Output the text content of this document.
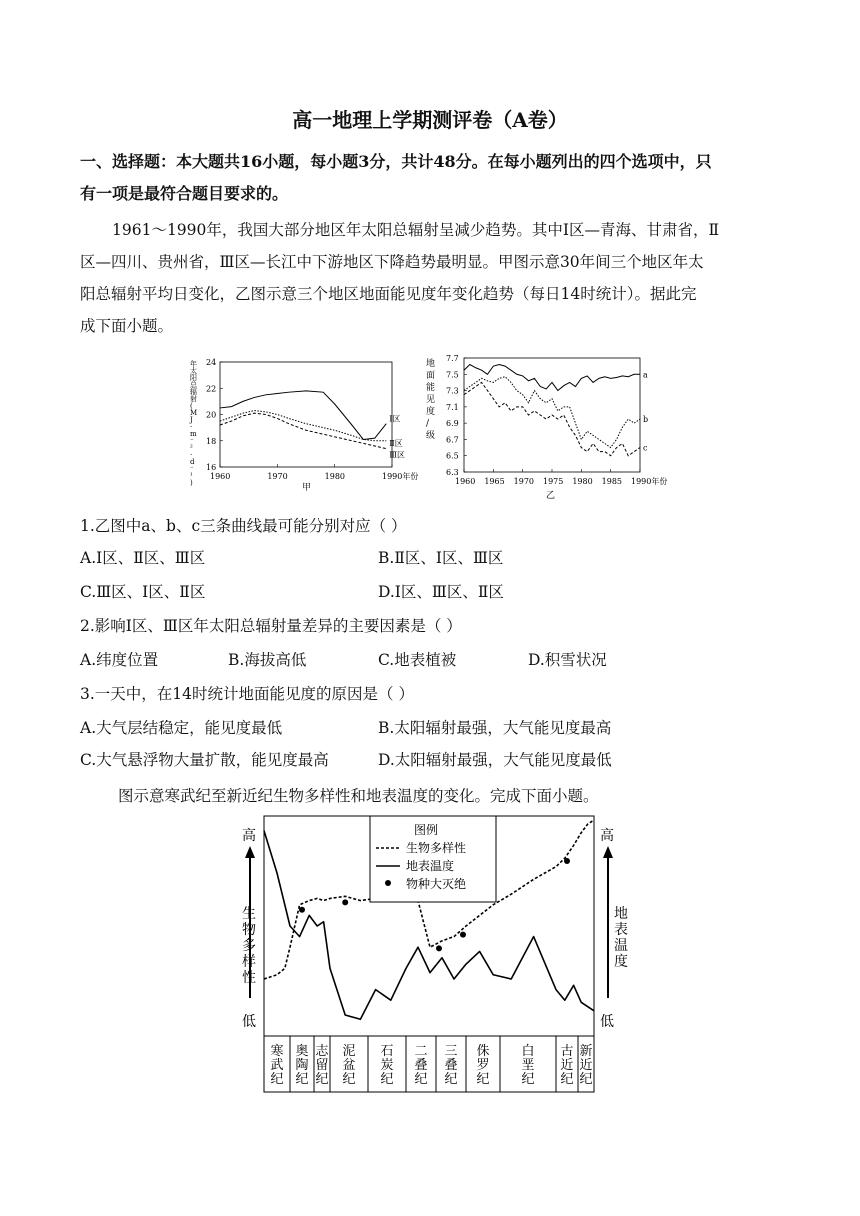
高一地理上学期测评卷（A卷）
一、选择题：本大题共16小题，每小题3分，共计48分。在每小题列出的四个选项中，只
有一项是最符合题目要求的。
1961～1990年，我国大部分地区年太阳总辐射呈减少趋势。其中Ⅰ区—青海、甘肃省，Ⅱ
区—四川、贵州省，Ⅲ区—长江中下游地区下降趋势最明显。甲图示意30年间三个地区年太
阳总辐射平均日变化，乙图示意三个地区地面能见度年变化趋势（每日14时统计）。据此完
成下面小题。
年
太
阳
总
辐
射
(
M
J
·
m
⁻
²
·
d
⁻
¹
)
24
22
20
18
16
1960	1970	1980	1990年份
Ⅰ区
Ⅱ区
Ⅲ区
甲
地
面
能
见
度
/
级
7.7
7.5
7.3
7.1
6.9
6.7
6.5
6.3
1960 1965 1970 1975 1980 1985 1990年份
a
b
c
乙
1.乙图中a、b、c三条曲线最可能分别对应（ ）
A.Ⅰ区、Ⅱ区、Ⅲ区	B.Ⅱ区、Ⅰ区、Ⅲ区
C.Ⅲ区、Ⅰ区、Ⅱ区	D.Ⅰ区、Ⅲ区、Ⅱ区
2.影响Ⅰ区、Ⅲ区年太阳总辐射量差异的主要因素是（ ）
A.纬度位置	B.海拔高低	C.地表植被	D.积雪状况
3.一天中，在14时统计地面能见度的原因是（ ）
A.大气层结稳定，能见度最低	B.太阳辐射最强，大气能见度最高
C.大气悬浮物大量扩散，能见度最高	D.太阳辐射最强，大气能见度最低
图示意寒武纪至新近纪生物多样性和地表温度的变化。完成下面小题。
高
低
生
物
多
样
性
高
低
地
表
温
度
寒
武
纪
奥
陶
纪
志
留
纪
泥
盆
纪
石
炭
纪
二
叠
纪
三
叠
纪
侏
罗
纪
白
垩
纪
古
近
纪
新
近
纪
图例
生物多样性
地表温度
物种大灭绝
